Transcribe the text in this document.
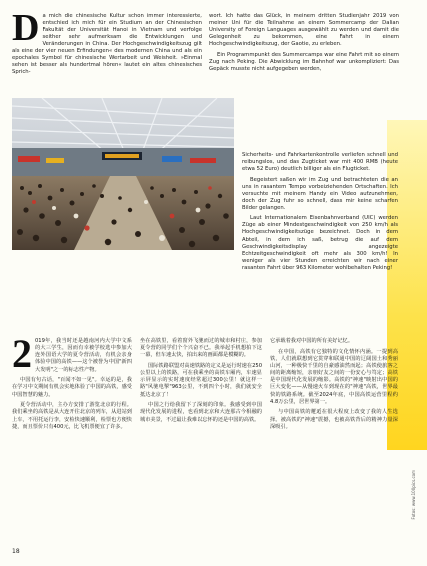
Fotos: www.100pics.com
D a mich die chinesische Kultur schon immer interessierte, entschied ich mich für ein Studium an der Chinesischen Fakultät der Universität Hanoi in Vietnam und verfolge seither sehr aufmerksam die Entwicklungen und Veränderungen in China. Der Hochgeschwindigkeitszug gilt als eine der vier neuen Erfindungen« des modernen China und als ein epochales Symbol für chinesische Wertarbeit und Weisheit. »Einmal sehen ist besser als hundertmal hören« lautet ein altes chinesisches Sprich-

wort. Ich hatte das Glück, in meinem dritten Studienjahr 2019 von meiner Uni für die Teilnahme an einem Sommercamp der Dalian University of Foreign Languages ausgewählt zu werden und damit die Gelegenheit zu bekommen, eine Fahrt in einem Hochgeschwindigkeitszug, der Gaotie, zu erleben.

Ein Programmpunkt des Summercamps war eine Fahrt mit so einem Zug nach Peking. Die Abwicklung im Bahnhof war unkompliziert: Das Gepäck musste nicht aufgegeben werden,

Sicherheits- und Fahrkartenkontrolle verliefen schnell und reibungslos, und das Zugticket war mit 400 RMB (heute etwa 52 Euro) deutlich billiger als ein Flugticket.

Begeistert saßen wir im Zug und betrachteten die an uns in rasantem Tempo vorbeiziehenden Ortschaften. Ich versuchte mit meinem Handy ein Video aufzunehmen, doch der Zug fuhr so schnell, dass mir keine scharfen Bilder gelangen.

Laut Internationalem Eisenbahnverband (UIC) werden Züge ab einer Mindestgeschwindigkeit von 250 km/h als Hochgeschwindigkeitszüge bezeichnet. Doch in dem Abteil, in dem ich saß, betrug die auf dem Geschwindigkeitsdisplay angezeigte Echtzeitgeschwindigkeit oft mehr als 300 km/h! In weniger als vier Stunden erreichten wir nach einer rasanten Fahrt über 963 Kilometer wohlbehalten Peking!

2 019年，我当时还是越南河内大学中文系的大三学生，因而有幸被学校选中参加大连外国语大学的夏令营活动，有机会亲身体验中国的高铁——这个被誉为中国"新四大发明"之一的标志性产物。

中国有句古话，"百闻不如一见"。幸运的是，我在学习中文期间有机会实地体验了中国的高铁，感受中国智慧的魅力。

夏令营活动中，主办方安排了游览北京的行程。我们乘坐的高铁是从大连开往北京的列车，从进站到上车，不用托运行李，安检快速顺利，检票也方便快捷，而且票价只有400元，比飞机票便宜了许多。

坐在高铁里，看着窗外飞驰而过的城市和村庄，参加夏令营的同学们个个兴奋不已。我举起手机想拍下这一幕，但车速太快，拍出来的画面都是模糊的。

国际铁路联盟对高速铁路的定义是运行时速在250公里以上的铁路，可在我乘坐的高铁车厢内，车速显示屏显示的实时速度经常超过300公里！就这样一路"风驰电掣"963公里，不到四个小时，我们就安全抵达北京了！

中国之行给我留下了深刻的印象。我感受到中国现代化发展的进程，也看到北京和大连那古今相融的城市美景，不过最让我难以忘怀的还是中国的高铁。

它承载着我对中国的所有美好记忆。

在中国，高铁有它独特的文化情怀内涵。一提到高铁，人们就联想到它贯穿和联通中国的辽阔国土和秀丽山河，一种极快千里的自豪感油然而起；高铁使旅客之间的距离缩短，亲朋好友之间的一份安心与笃定；高铁是中国现代化发展的缩影。高铁的"神速"映射出中国的巨大变化——从慢速火车到现在的"神速"高铁，世界最快的铁路系统。截至2024年底，中国高铁运营里程约4.8万公里，居世界第一。

与中国高铁的邂逅在很大程度上改变了我的人生选择。被高铁的"神速"震撼，也被高铁背后的精神力量深深吸引。

18
